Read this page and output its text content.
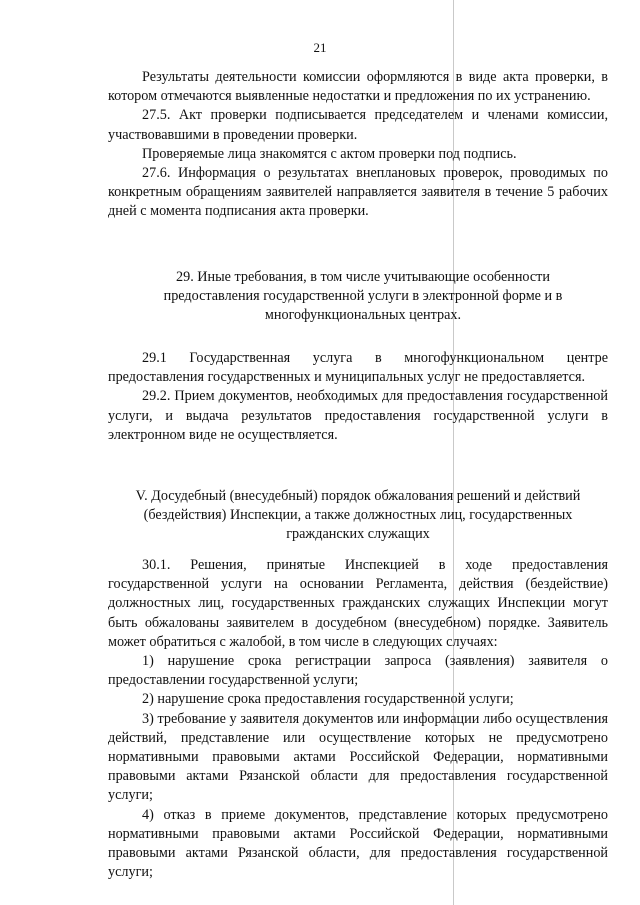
21

Результаты деятельности комиссии оформляются в виде акта проверки, в котором отмечаются выявленные недостатки и предложения по их устранению.

27.5. Акт проверки подписывается председателем и членами комиссии, участвовавшими в проведении проверки.

Проверяемые лица знакомятся с актом проверки под подпись.

27.6. Информация о результатах внеплановых проверок, проводимых по конкретным обращениям заявителей направляется заявителя в течение 5 рабочих дней с момента подписания акта проверки.

29. Иные требования, в том числе учитывающие особенности предоставления государственной услуги в электронной форме и в многофункциональных центрах.

29.1 Государственная услуга в многофункциональном центре предоставления государственных и муниципальных услуг не предоставляется.

29.2. Прием документов, необходимых для предоставления государственной услуги, и выдача результатов предоставления государственной услуги в электронном виде не осуществляется.

V. Досудебный (внесудебный) порядок обжалования решений и действий (бездействия) Инспекции, а также должностных лиц, государственных гражданских служащих

30.1. Решения, принятые Инспекцией в ходе предоставления государственной услуги на основании Регламента, действия (бездействие) должностных лиц, государственных гражданских служащих Инспекции могут быть обжалованы заявителем в досудебном (внесудебном) порядке. Заявитель может обратиться с жалобой, в том числе в следующих случаях:

1) нарушение срока регистрации запроса (заявления) заявителя о предоставлении государственной услуги;

2) нарушение срока предоставления государственной услуги;

3) требование у заявителя документов или информации либо осуществления действий, представление или осуществление которых не предусмотрено нормативными правовыми актами Российской Федерации, нормативными правовыми актами Рязанской области для предоставления государственной услуги;

4) отказ в приеме документов, представление которых предусмотрено нормативными правовыми актами Российской Федерации, нормативными правовыми актами Рязанской области, для предоставления государственной услуги;
